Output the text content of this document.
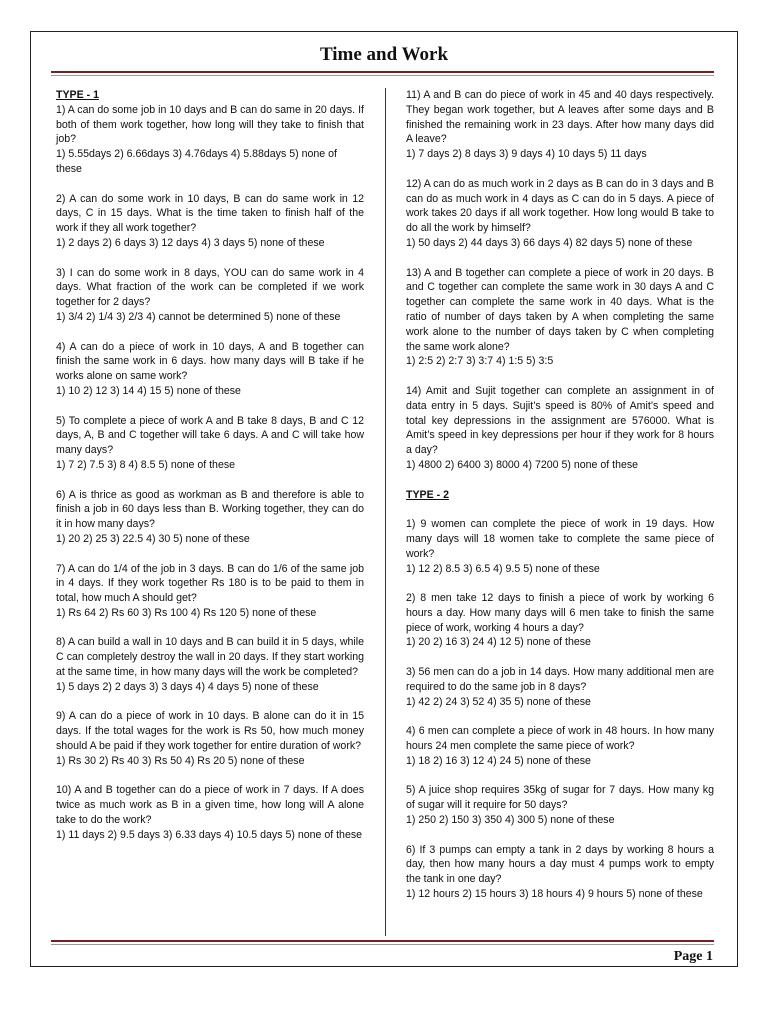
Time and Work

TYPE - 1

1) A can do some job in 10 days and B can do same in 20 days. If both of them work together, how long will they take to finish that job?

1) 5.55days 2) 6.66days 3) 4.76days 4) 5.88days 5) none of these

2) A can do some work in 10 days, B can do same work in 12 days, C in 15 days. What is the time taken to finish half of the work if they all work together?

1) 2 days 2) 6 days 3) 12 days 4) 3 days 5) none of these

3) I can do some work in 8 days, YOU can do same work in 4 days. What fraction of the work can be completed if we work together for 2 days?

1) 3/4 2) 1/4 3) 2/3 4) cannot be determined 5) none of these

4) A can do a piece of work in 10 days, A and B together can finish the same work in 6 days. how many days will B take if he works alone on same work?

1) 10 2) 12 3) 14 4) 15 5) none of these

5) To complete a piece of work A and B take 8 days, B and C 12 days, A, B and C together will take 6 days. A and C will take how many days?

1) 7 2) 7.5 3) 8 4) 8.5 5) none of these

6) A is thrice as good as workman as B and therefore is able to finish a job in 60 days less than B. Working together, they can do it in how many days?

1) 20 2) 25 3) 22.5 4) 30 5) none of these

7) A can do 1/4 of the job in 3 days. B can do 1/6 of the same job in 4 days. If they work together Rs 180 is to be paid to them in total, how much A should get?

1) Rs 64 2) Rs 60 3) Rs 100 4) Rs 120 5) none of these

8) A can build a wall in 10 days and B can build it in 5 days, while C can completely destroy the wall in 20 days. If they start working at the same time, in how many days will the work be completed?

1) 5 days 2) 2 days 3) 3 days 4) 4 days 5) none of these

9) A can do a piece of work in 10 days. B alone can do it in 15 days. If the total wages for the work is Rs 50, how much money should A be paid if they work together for entire duration of work?

1) Rs 30 2) Rs 40 3) Rs 50 4) Rs 20 5) none of these

10) A and B together can do a piece of work in 7 days. If A does twice as much work as B in a given time, how long will A alone take to do the work?

1) 11 days 2) 9.5 days 3) 6.33 days 4) 10.5 days 5) none of these

11) A and B can do piece of work in 45 and 40 days respectively. They began work together, but A leaves after some days and B finished the remaining work in 23 days. After how many days did A leave?

1) 7 days 2) 8 days 3) 9 days 4) 10 days 5) 11 days

12) A can do as much work in 2 days as B can do in 3 days and B can do as much work in 4 days as C can do in 5 days. A piece of work takes 20 days if all work together. How long would B take to do all the work by himself?

1) 50 days 2) 44 days 3) 66 days 4) 82 days 5) none of these

13) A and B together can complete a piece of work in 20 days. B and C together can complete the same work in 30 days A and C together can complete the same work in 40 days. What is the ratio of number of days taken by A when completing the same work alone to the number of days taken by C when completing the same work alone?

1) 2:5 2) 2:7 3) 3:7 4) 1:5 5) 3:5

14) Amit and Sujit together can complete an assignment in of data entry in 5 days. Sujit’s speed is 80% of Amit’s speed and total key depressions in the assignment are 576000. What is Amit’s speed in key depressions per hour if they work for 8 hours a day?

1) 4800 2) 6400 3) 8000 4) 7200 5) none of these

TYPE - 2

1) 9 women can complete the piece of work in 19 days. How many days will 18 women take to complete the same piece of work?

1) 12 2) 8.5 3) 6.5 4) 9.5 5) none of these

2) 8 men take 12 days to finish a piece of work by working 6 hours a day. How many days will 6 men take to finish the same piece of work, working 4 hours a day?

1) 20 2) 16 3) 24 4) 12 5) none of these

3) 56 men can do a job in 14 days. How many additional men are required to do the same job in 8 days?

1) 42 2) 24 3) 52 4) 35 5) none of these

4) 6 men can complete a piece of work in 48 hours. In how many hours 24 men complete the same piece of work?

1) 18 2) 16 3) 12 4) 24 5) none of these

5) A juice shop requires 35kg of sugar for 7 days. How many kg of sugar will it require for 50 days?

1) 250 2) 150 3) 350 4) 300 5) none of these

6) If 3 pumps can empty a tank in 2 days by working 8 hours a day, then how many hours a day must 4 pumps work to empty the tank in one day?

1) 12 hours 2) 15 hours 3) 18 hours 4) 9 hours 5) none of these

Page 1
